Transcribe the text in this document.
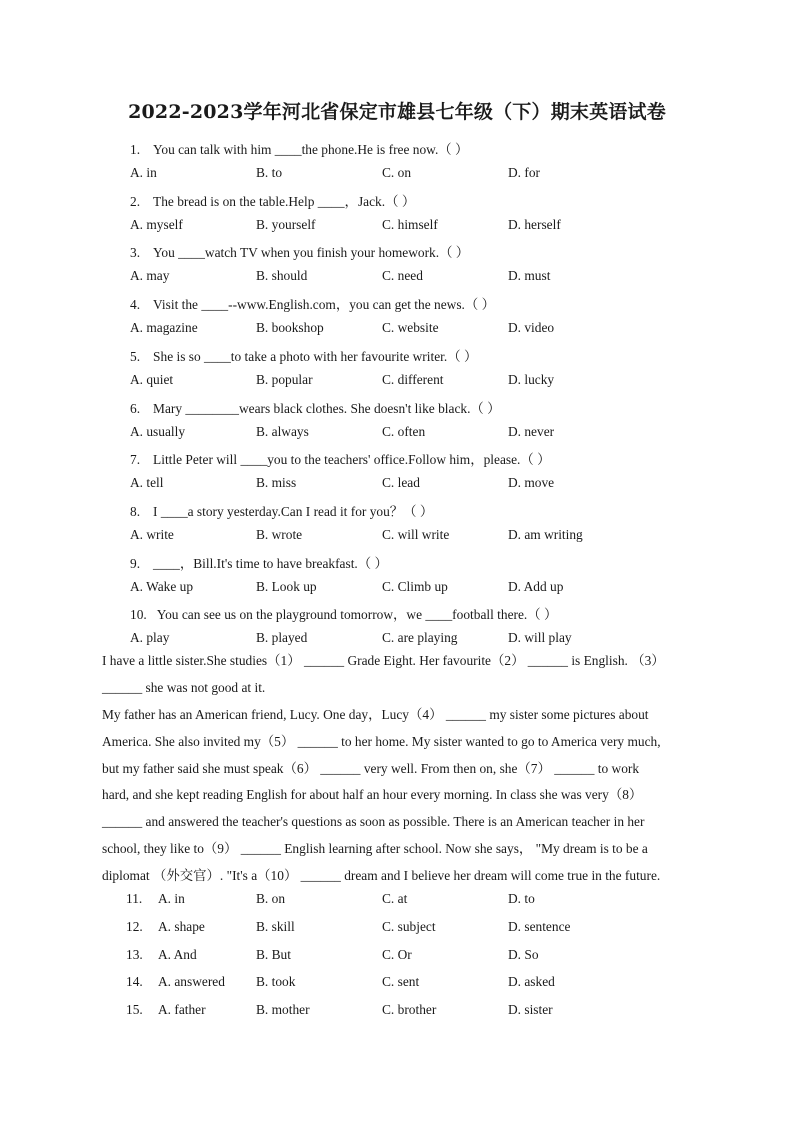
2022-2023学年河北省保定市雄县七年级（下）期末英语试卷
1. You can talk with him ____the phone.He is free now.（ ）
A. in	B. to	C. on	D. for
2. The bread is on the table.Help ____，Jack.（ ）
A. myself	B. yourself	C. himself	D. herself
3. You ____watch TV when you finish your homework.（ ）
A. may	B. should	C. need	D. must
4. Visit the ____--www.English.com，you can get the news.（ ）
A. magazine	B. bookshop	C. website	D. video
5. She is so ____to take a photo with her favourite writer.（ ）
A. quiet	B. popular	C. different	D. lucky
6. Mary ________wears black clothes. She doesn't like black.（ ）
A. usually	B. always	C. often	D. never
7. Little Peter will ____you to the teachers' office.Follow him，please.（ ）
A. tell	B. miss	C. lead	D. move
8. I ____a story yesterday.Can I read it for you？（ ）
A. write	B. wrote	C. will write	D. am writing
9. ____，Bill.It's time to have breakfast.（ ）
A. Wake up	B. Look up	C. Climb up	D. Add up
10. You can see us on the playground tomorrow，we ____football there.（ ）
A. play	B. played	C. are playing	D. will play
I have a little sister.She studies（1） ______ Grade Eight. Her favourite（2） ______ is English. （3）
______ she was not good at it.
My father has an American friend, Lucy. One day，Lucy（4） ______ my sister some pictures about
America. She also invited my（5） ______ to her home. My sister wanted to go to America very much,
but my father said she must speak（6） ______ very well. From then on, she（7） ______ to work
hard, and she kept reading English for about half an hour every morning. In class she was very（8）
______ and answered the teacher's questions as soon as possible. There is an American teacher in her
school, they like to（9） ______ English learning after school. Now she says， "My dream is to be a
diplomat （外交官）. "It's a（10） ______ dream and I believe her dream will come true in the future.
11. A. in	B. on	C. at	D. to
12. A. shape	B. skill	C. subject	D. sentence
13. A. And	B. But	C. Or	D. So
14. A. answered B. took	C. sent	D. asked
15. A. father	B. mother	C. brother	D. sister
